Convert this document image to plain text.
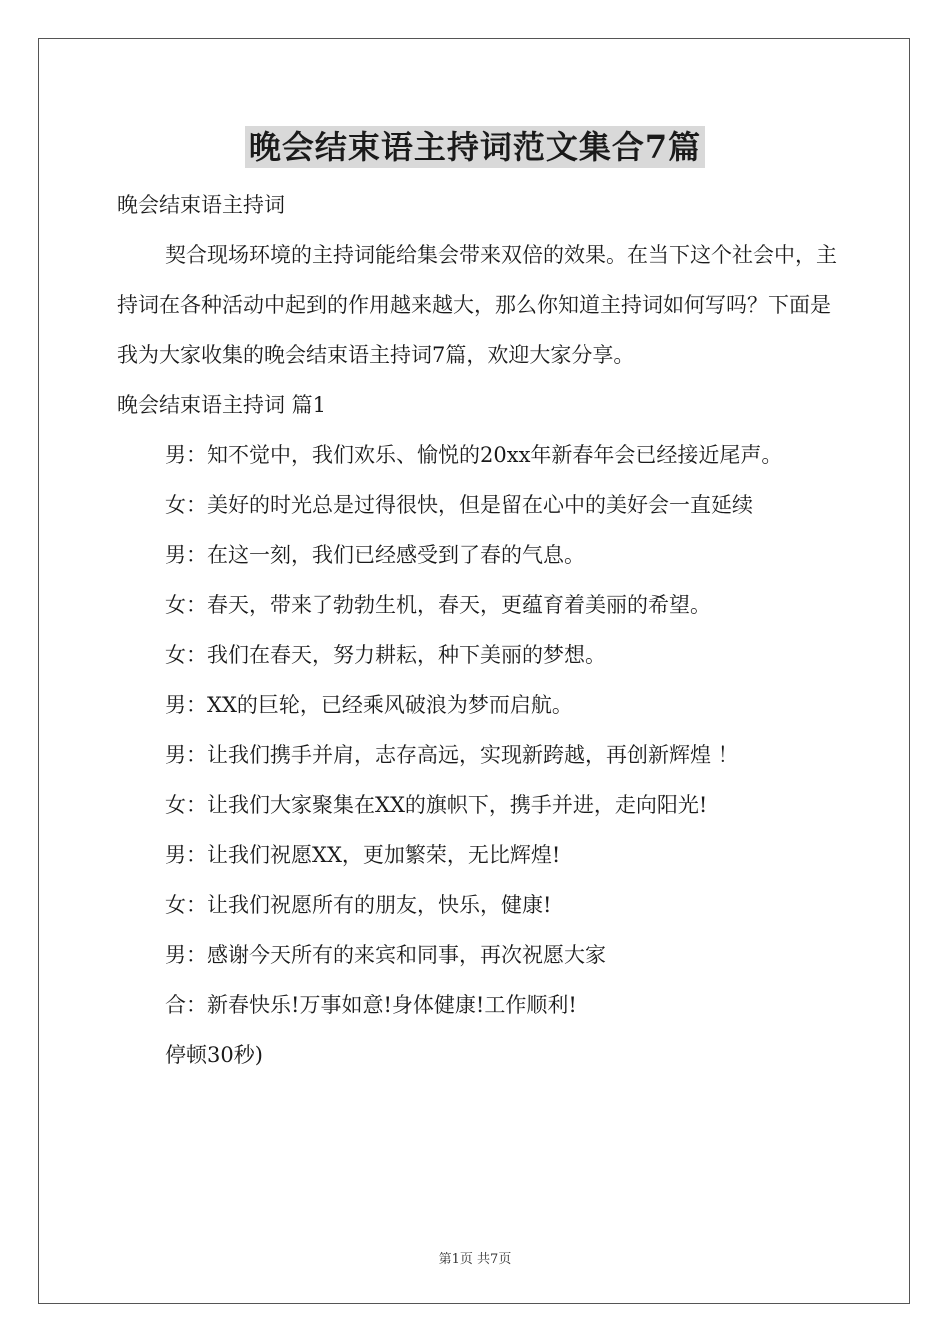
晚会结束语主持词范文集合7篇

晚会结束语主持词

契合现场环境的主持词能给集会带来双倍的效果。在当下这个社会中，主持词在各种活动中起到的作用越来越大，那么你知道主持词如何写吗？下面是我为大家收集的晚会结束语主持词7篇，欢迎大家分享。

晚会结束语主持词 篇1

男：知不觉中，我们欢乐、愉悦的20xx年新春年会已经接近尾声。

女：美好的时光总是过得很快，但是留在心中的美好会一直延续

男：在这一刻，我们已经感受到了春的气息。

女：春天，带来了勃勃生机，春天，更蕴育着美丽的希望。

女：我们在春天，努力耕耘，种下美丽的梦想。

男：XX的巨轮，已经乘风破浪为梦而启航。

男：让我们携手并肩，志存高远，实现新跨越，再创新辉煌 ！

女：让我们大家聚集在XX的旗帜下，携手并进，走向阳光!

男：让我们祝愿XX，更加繁荣，无比辉煌!

女：让我们祝愿所有的朋友，快乐，健康!

男：感谢今天所有的来宾和同事，再次祝愿大家

合：新春快乐!万事如意!身体健康!工作顺利!

停顿30秒)

第1页 共7页
